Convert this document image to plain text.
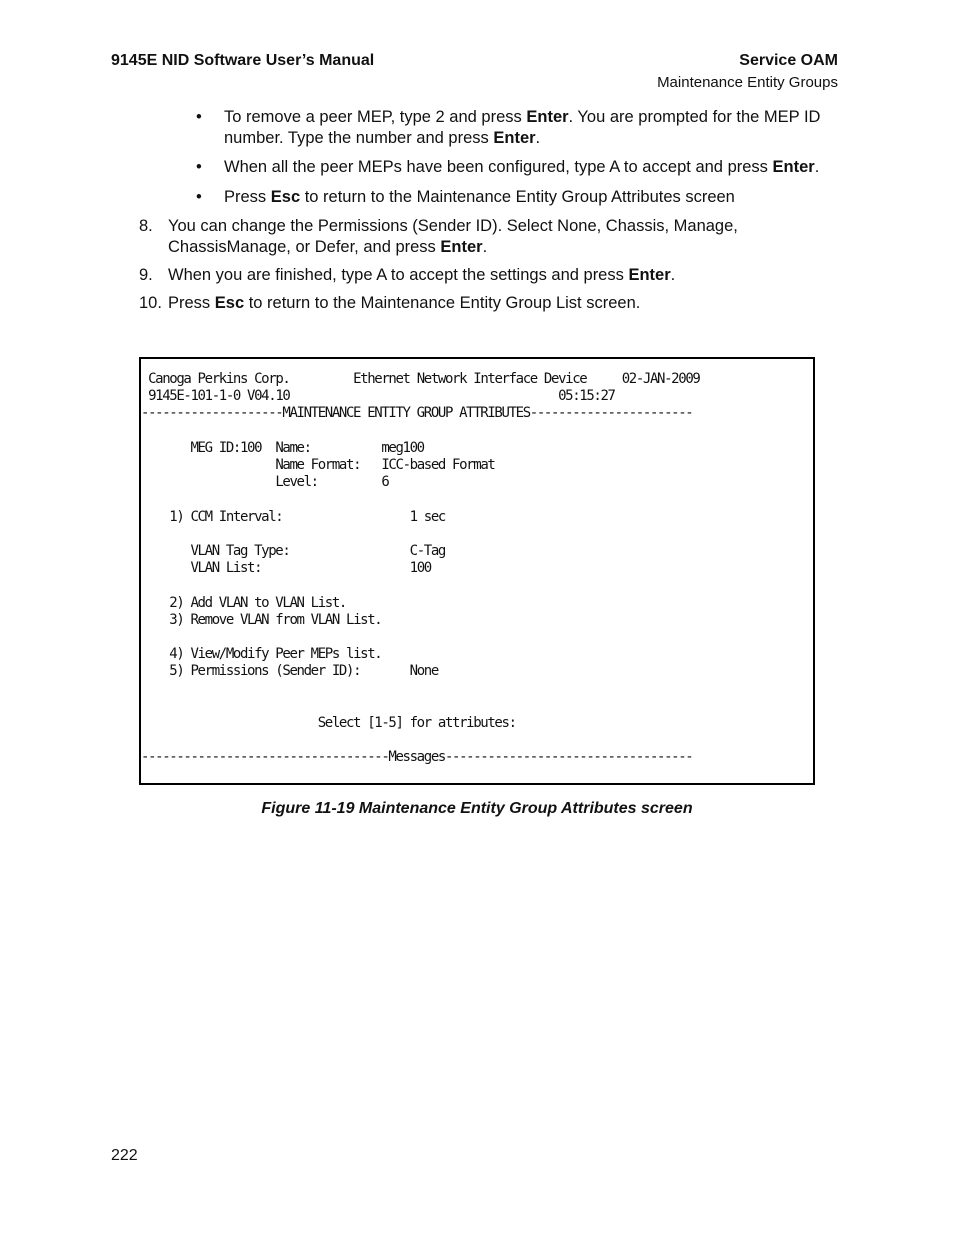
9145E NID Software User’s Manual	Service OAM
Maintenance Entity Groups
• To remove a peer MEP, type 2 and press Enter. You are prompted for the MEP ID number. Type the number and press Enter.
• When all the peer MEPs have been configured, type A to accept and press Enter.
• Press Esc to return to the Maintenance Entity Group Attributes screen
8. You can change the Permissions (Sender ID). Select None, Chassis, Manage, ChassisManage, or Defer, and press Enter.
9. When you are finished, type A to accept the settings and press Enter.
10. Press Esc to return to the Maintenance Entity Group List screen.
Canoga Perkins Corp.	Ethernet Network Interface Device	02-JAN-2009
9145E-101-1-0 V04.10	05:15:27
--------------------MAINTENANCE ENTITY GROUP ATTRIBUTES-----------------------

MEG ID:100 Name:	meg100
Name Format: ICC-based Format
Level:	6

1) CCM Interval:	1 sec

VLAN Tag Type:	C-Tag
VLAN List:	100

2) Add VLAN to VLAN List.
3) Remove VLAN from VLAN List.

4) View/Modify Peer MEPs list.
5) Permissions (Sender ID):	None

Select [1-5] for attributes:

-----------------------------------Messages-----------------------------------
Figure 11-19 Maintenance Entity Group Attributes screen
222
